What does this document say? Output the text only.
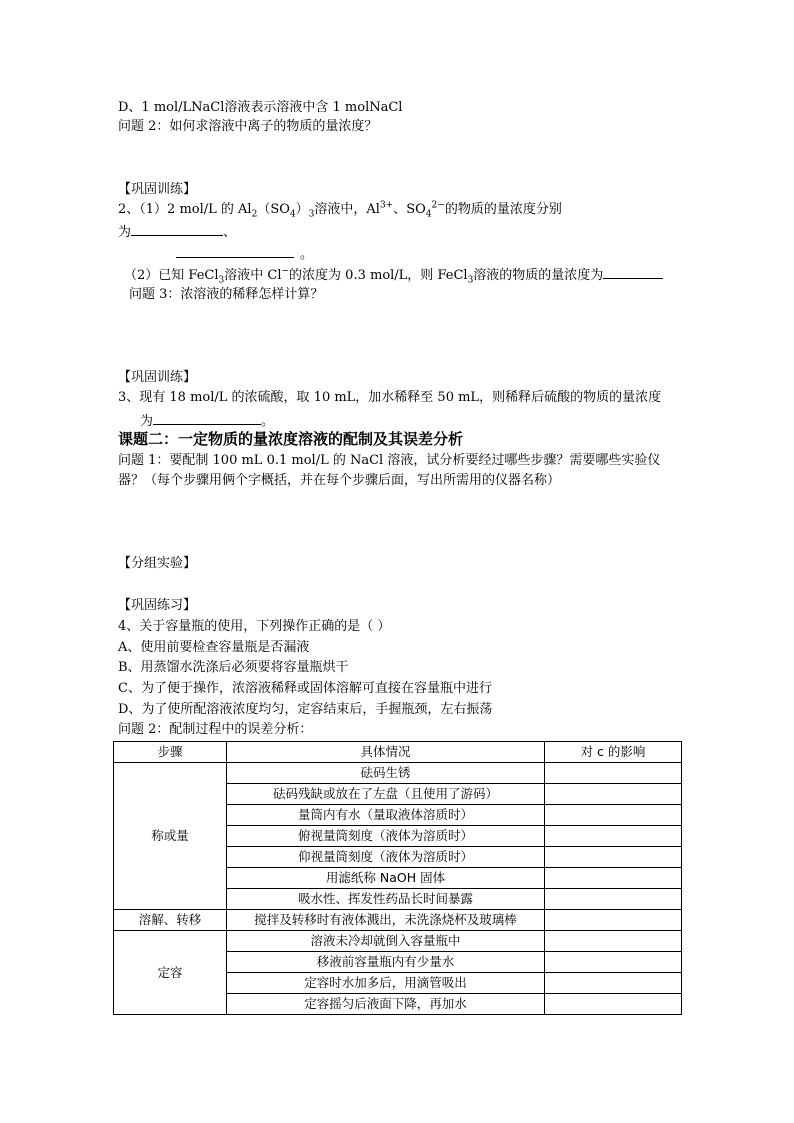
D、1 mol/LNaCl溶液表示溶液中含 1 molNaCl
问题 2：如何求溶液中离子的物质的量浓度？
【巩固训练】
2、（1）2 mol/L 的 $Al_2(SO_4)_3$溶液中，$Al^{3+}$、$SO_4^{2-}$的物质的量浓度分别
为	、
。
（2）已知 FeCl$_3$溶液中 Cl−的浓度为 0.3 mol/L，则 FeCl$_3$溶液的物质的量浓度为
问题 3：浓溶液的稀释怎样计算？
【巩固训练】
3、现有 18 mol/L 的浓硫酸，取 10 mL，加水稀释至 50 mL，则稀释后硫酸的物质的量浓度
为	。
课题二：一定物质的量浓度溶液的配制及其误差分析
问题 1：要配制 100 mL 0.1 mol/L 的 NaCl 溶液，试分析要经过哪些步骤？需要哪些实验仪
器？（每个步骤用俩个字概括，并在每个步骤后面，写出所需用的仪器名称）
【分组实验】
【巩固练习】
4、关于容量瓶的使用，下列操作正确的是（ ）
A、使用前要检查容量瓶是否漏液
B、用蒸馏水洗涤后必须要将容量瓶烘干
C、为了便于操作，浓溶液稀释或固体溶解可直接在容量瓶中进行
D、为了使所配溶液浓度均匀，定容结束后，手握瓶颈，左右振荡
问题 2：配制过程中的误差分析：
步骤	具体情况	对 c 的影响
称或量	砝码生锈	
	砝码残缺或放在了左盘（且使用了游码）	
	量筒内有水（量取液体溶质时）	
	俯视量筒刻度（液体为溶质时）	
	仰视量筒刻度（液体为溶质时）	
	用滤纸称 NaOH 固体	
	吸水性、挥发性药品长时间暴露	
溶解、转移	搅拌及转移时有液体溅出，未洗涤烧杯及玻璃棒	
定容	溶液未冷却就倒入容量瓶中	
	移液前容量瓶内有少量水	
	定容时水加多后，用滴管吸出	
	定容摇匀后液面下降，再加水	
